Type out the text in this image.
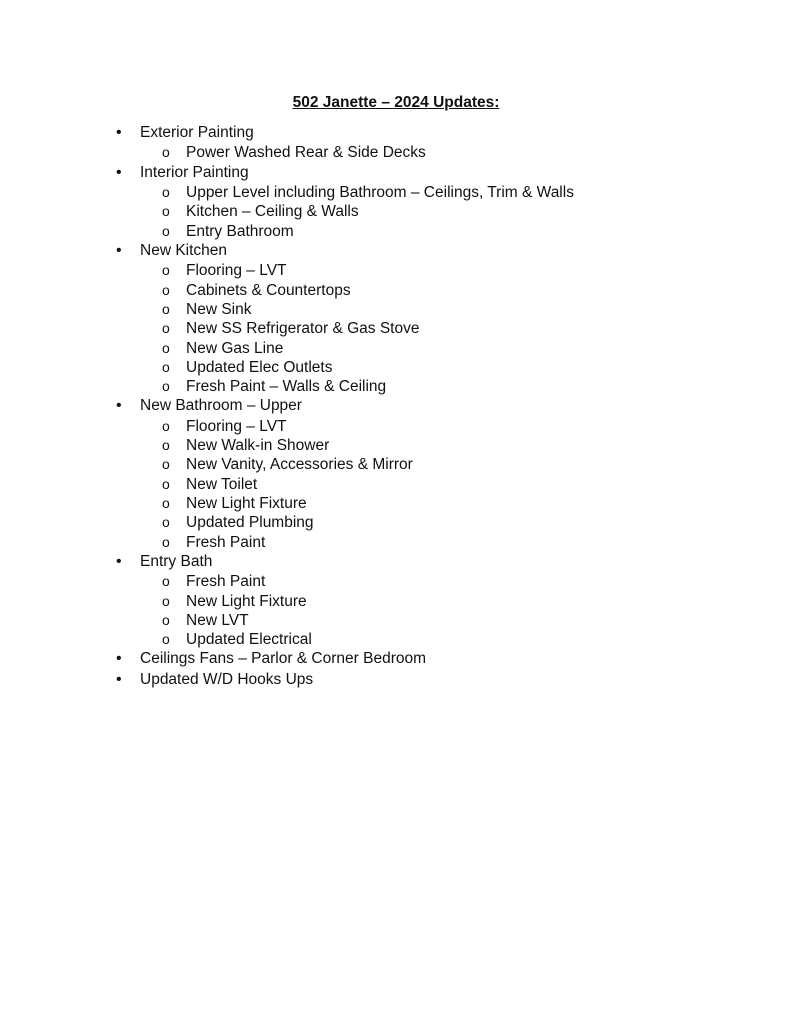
502 Janette – 2024 Updates:
• Exterior Painting
o Power Washed Rear & Side Decks
• Interior Painting
o Upper Level including Bathroom – Ceilings, Trim & Walls
o Kitchen – Ceiling & Walls
o Entry Bathroom
• New Kitchen
o Flooring – LVT
o Cabinets & Countertops
o New Sink
o New SS Refrigerator & Gas Stove
o New Gas Line
o Updated Elec Outlets
o Fresh Paint – Walls & Ceiling
• New Bathroom – Upper
o Flooring – LVT
o New Walk-in Shower
o New Vanity, Accessories & Mirror
o New Toilet
o New Light Fixture
o Updated Plumbing
o Fresh Paint
• Entry Bath
o Fresh Paint
o New Light Fixture
o New LVT
o Updated Electrical
• Ceilings Fans – Parlor & Corner Bedroom
• Updated W/D Hooks Ups
